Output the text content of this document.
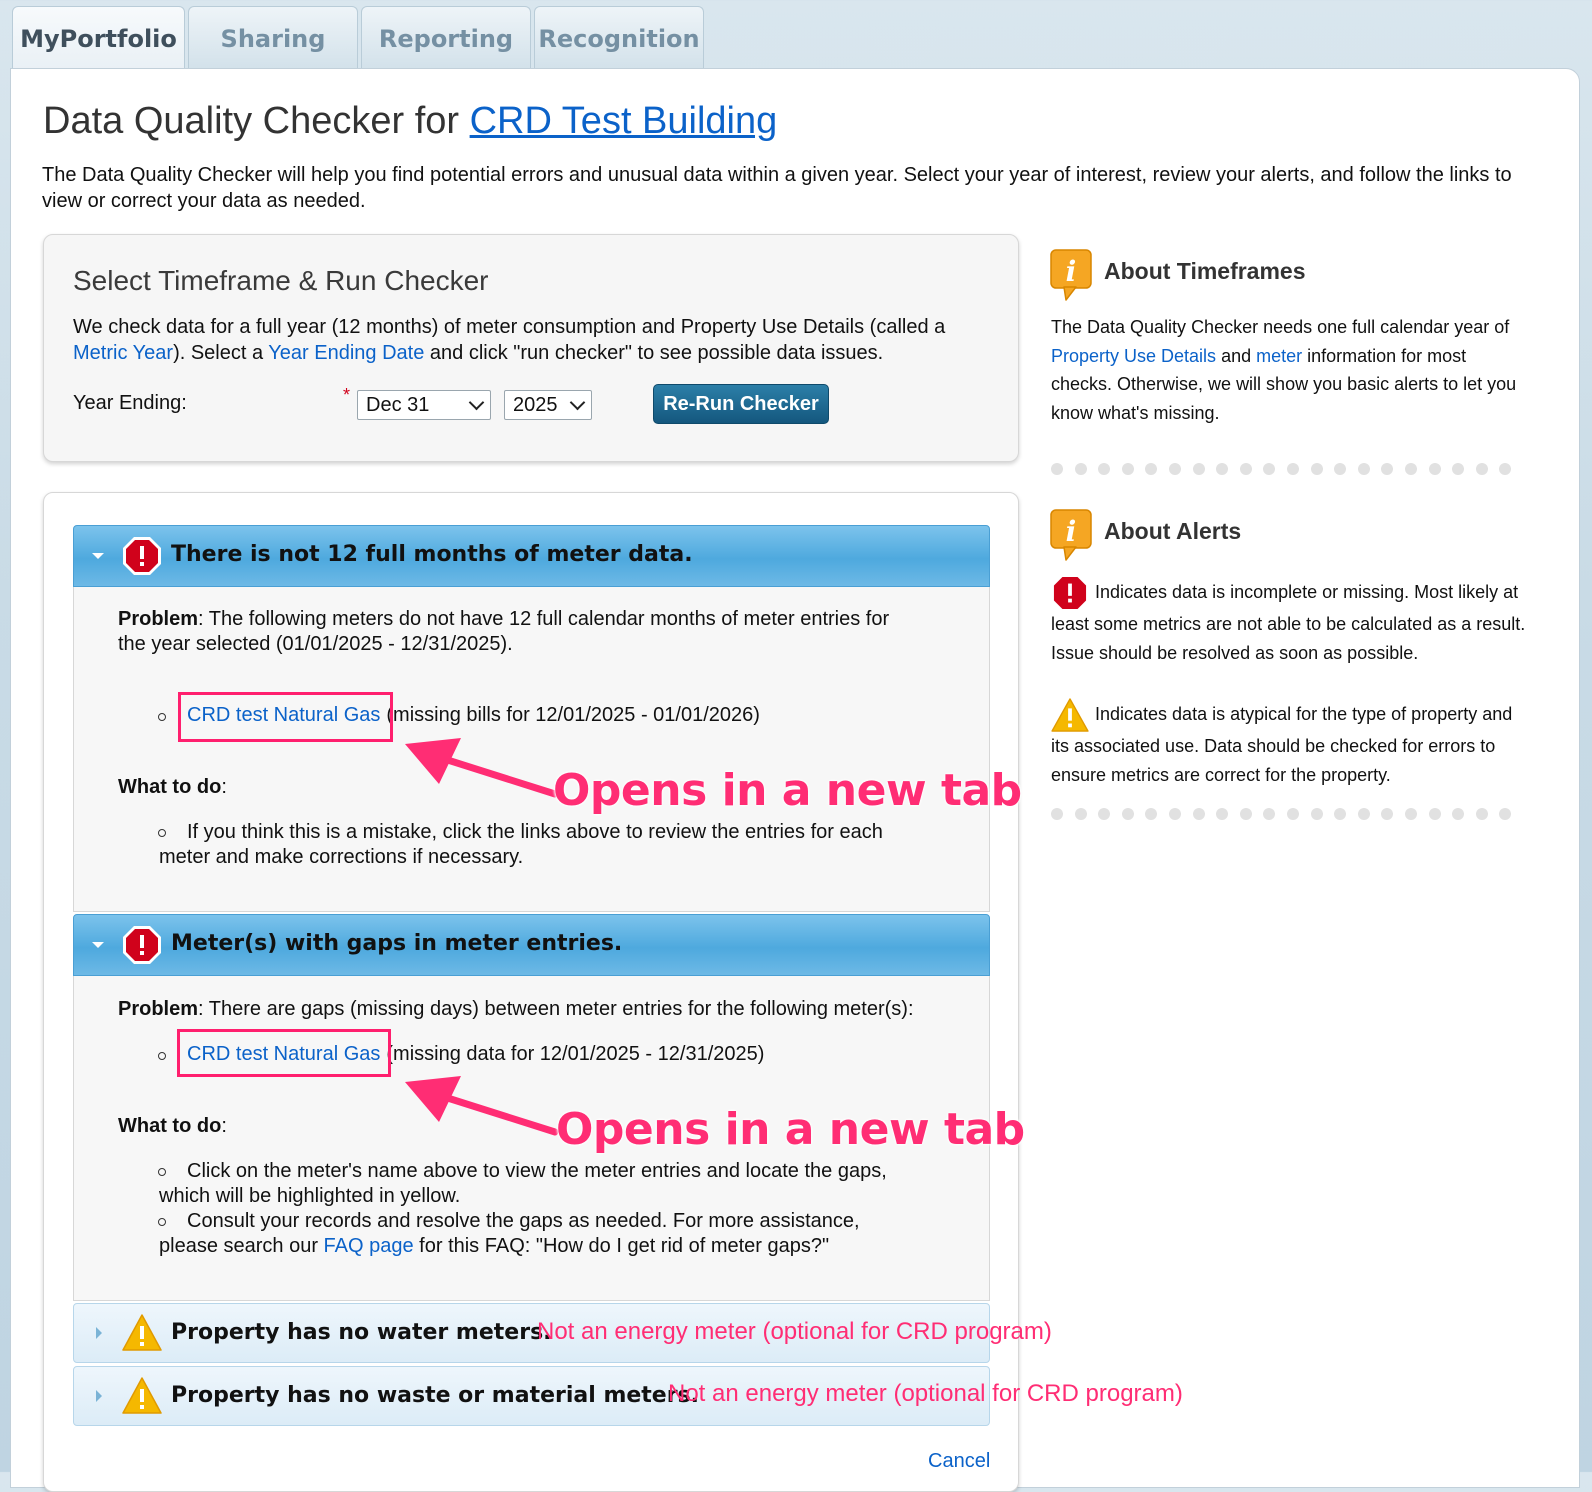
MyPortfolio	Sharing	Reporting	Recognition
Data Quality Checker for CRD Test Building
The Data Quality Checker will help you find potential errors and unusual data within a given year. Select your year of interest, review your alerts, and follow the links to view or correct your data as needed.
Select Timeframe & Run Checker
We check data for a full year (12 months) of meter consumption and Property Use Details (called a Metric Year). Select a Year Ending Date and click "run checker" to see possible data issues.
Year Ending:	* Dec 31	2025	Re-Run Checker
There is not 12 full months of meter data.
Problem: The following meters do not have 12 full calendar months of meter entries for
the year selected (01/01/2025 - 12/31/2025).
CRD test Natural Gas (missing bills for 12/01/2025 - 01/01/2026)
What to do:
If you think this is a mistake, click the links above to review the entries for each
meter and make corrections if necessary.
Meter(s) with gaps in meter entries.
Problem: There are gaps (missing days) between meter entries for the following meter(s):
CRD test Natural Gas (missing data for 12/01/2025 - 12/31/2025)
What to do:
Click on the meter's name above to view the meter entries and locate the gaps,
which will be highlighted in yellow.
Consult your records and resolve the gaps as needed. For more assistance,
please search our FAQ page for this FAQ: "How do I get rid of meter gaps?"
Property has no water meters.
Property has no waste or material meters.
Cancel
Opens in a new tab
Opens in a new tab
Not an energy meter (optional for CRD program)
Not an energy meter (optional for CRD program)
i About Timeframes
The Data Quality Checker needs one full calendar year of Property Use Details and meter information for most checks. Otherwise, we will show you basic alerts to let you know what's missing.
i About Alerts
Indicates data is incomplete or missing. Most likely at least some metrics are not able to be calculated as a result. Issue should be resolved as soon as possible.
Indicates data is atypical for the type of property and its associated use. Data should be checked for errors to ensure metrics are correct for the property.
